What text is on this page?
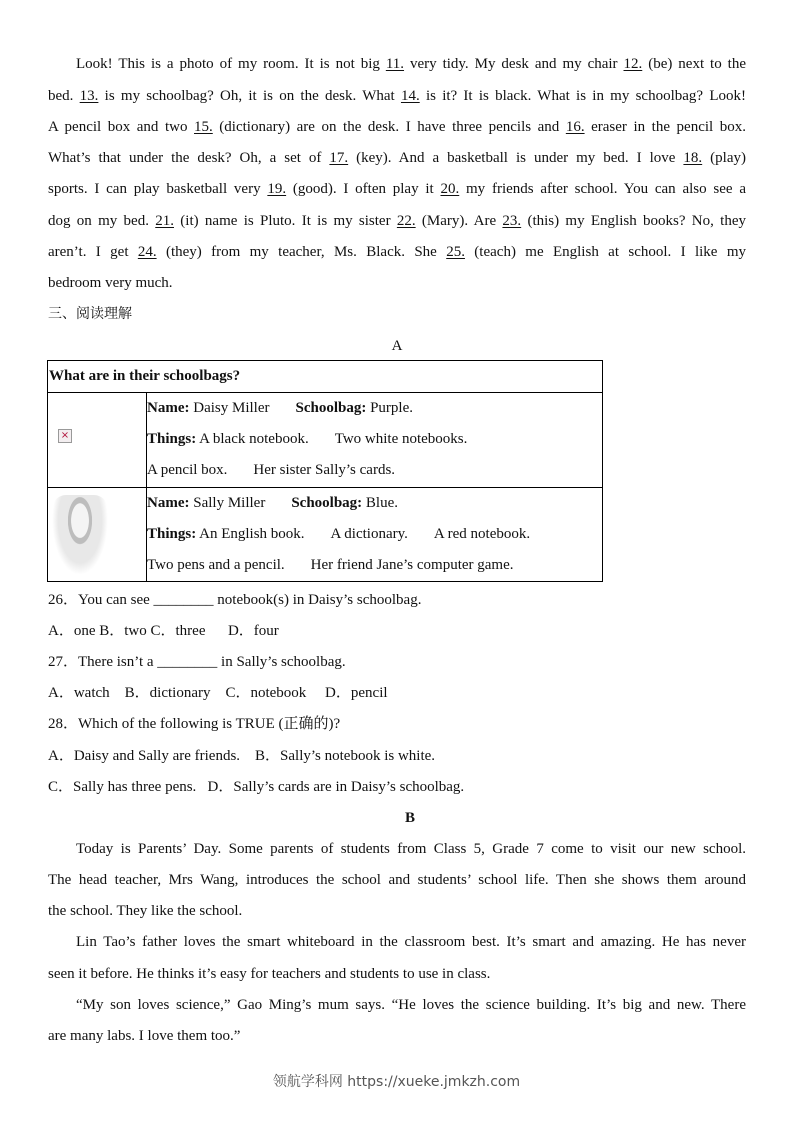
Look! This is a photo of my room. It is not big 11. very tidy. My desk and my chair 12. (be) next to the
bed. 13. is my schoolbag? Oh, it is on the desk. What 14. is it? It is black. What is in my schoolbag? Look!
A pencil box and two 15. (dictionary) are on the desk. I have three pencils and 16. eraser in the pencil box.
What’s that under the desk? Oh, a set of 17. (key). And a basketball is under my bed. I love 18. (play)
sports. I can play basketball very 19. (good). I often play it 20. my friends after school. You can also see a
dog on my bed. 21. (it) name is Pluto. It is my sister 22. (Mary). Are 23. (this) my English books? No, they
aren’t. I get 24. (they) from my teacher, Ms. Black. She 25. (teach) me English at school. I like my
bedroom very much.
三、阅读理解
A
What are in their schoolbags?	

×	Name: Daisy Miller Schoolbag: Purple.
Things: A black notebook. Two white notebooks.
A pencil box. Her sister Sally’s cards.

	Name: Sally Miller Schoolbag: Blue.
Things: An English book. A dictionary. A red notebook.
Two pens and a pencil. Her friend Jane’s computer game.
26．You can see ________ notebook(s) in Daisy’s schoolbag.
A．one B．two C．three      D．four
27．There isn’t a ________ in Sally’s schoolbag.
A．watch    B．dictionary    C．notebook     D．pencil
28．Which of the following is TRUE (正确的)?
A．Daisy and Sally are friends.    B．Sally’s notebook is white.
C．Sally has three pens.   D．Sally’s cards are in Daisy’s schoolbag.
B
Today is Parents’ Day. Some parents of students from Class 5, Grade 7 come to visit our new school.
The head teacher, Mrs Wang, introduces the school and students’ school life. Then she shows them around
the school. They like the school.
Lin Tao’s father loves the smart whiteboard in the classroom best. It’s smart and amazing. He has never
seen it before. He thinks it’s easy for teachers and students to use in class.
“My son loves science,” Gao Ming’s mum says. “He loves the science building. It’s big and new. There
are many labs. I love them too.”
领航学科网 https://xueke.jmkzh.com
